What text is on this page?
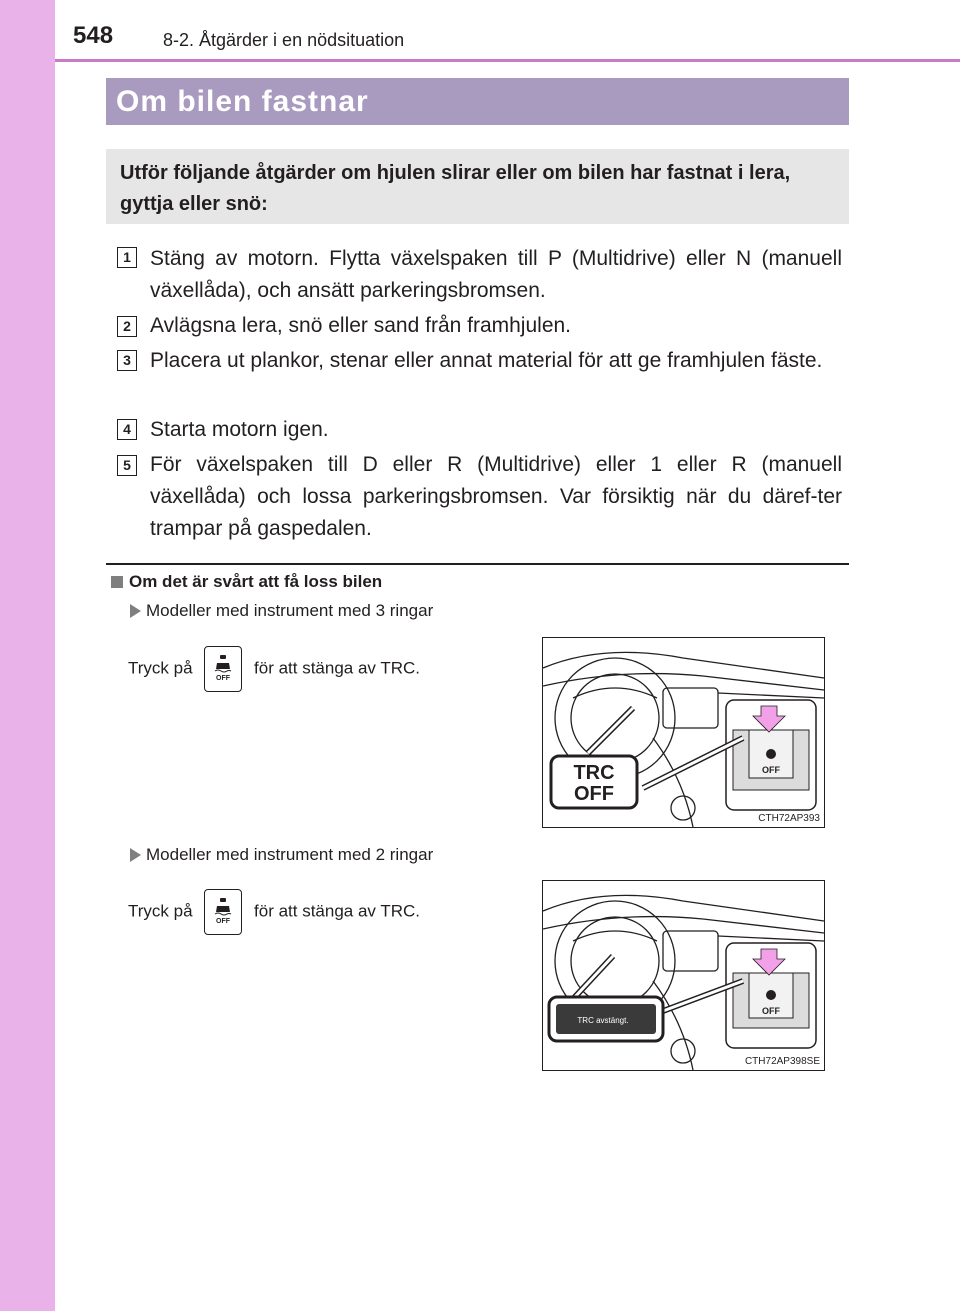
548	8-2. Åtgärder i en nödsituation
Om bilen fastnar
Utför följande åtgärder om hjulen slirar eller om bilen har fastnat i lera, gyttja eller snö:
1 Stäng av motorn. Flytta växelspaken till P (Multidrive) eller N (manuell växellåda), och ansätt parkeringsbromsen.
2 Avlägsna lera, snö eller sand från framhjulen.
3 Placera ut plankor, stenar eller annat material för att ge framhjulen fäste.
4 Starta motorn igen.
5 För växelspaken till D eller R (Multidrive) eller 1 eller R (manuell växellåda) och lossa parkeringsbromsen. Var försiktig när du däref-ter trampar på gaspedalen.
Om det är svårt att få loss bilen
Modeller med instrument med 3 ringar
Tryck på
OFF
för att stänga av TRC.
OFF
TRC
OFF
CTH72AP393
Modeller med instrument med 2 ringar
Tryck på
OFF
för att stänga av TRC.
OFF
TRC avstängt.
CTH72AP398SE
